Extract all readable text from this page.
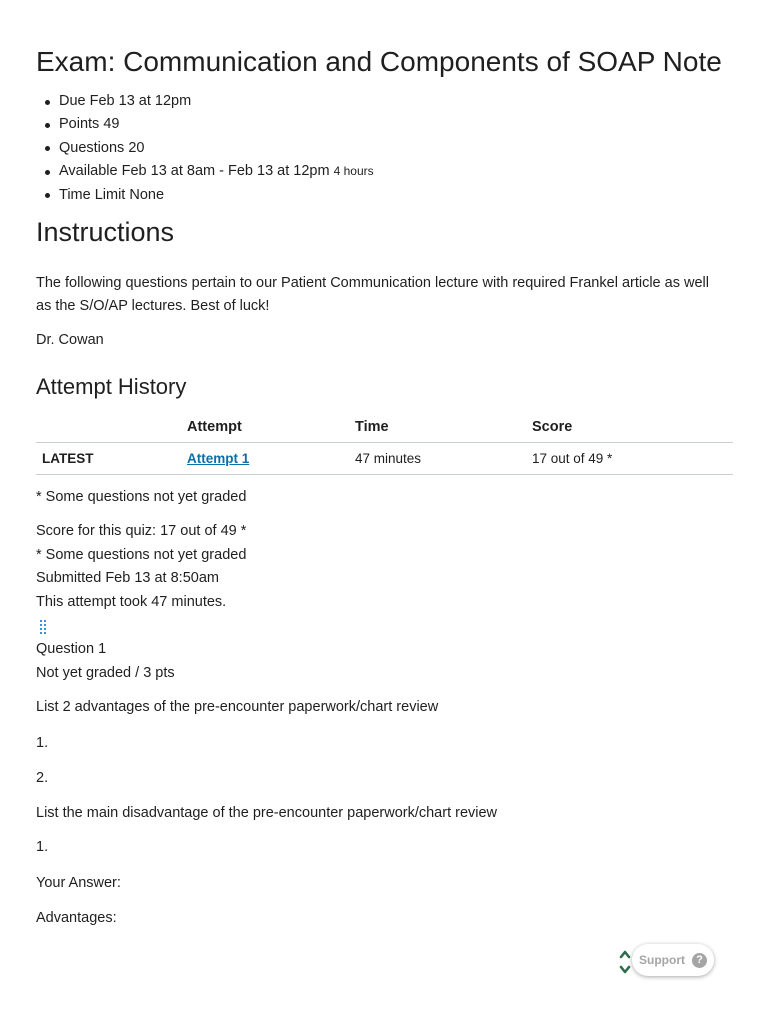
Exam: Communication and Components of SOAP Note
Due Feb 13 at 12pm
Points 49
Questions 20
Available Feb 13 at 8am - Feb 13 at 12pm 4 hours
Time Limit None
Instructions

The following questions pertain to our Patient Communication lecture with required Frankel article as well as the S/O/AP lectures. Best of luck!

Dr. Cowan

Attempt History
	Attempt	Time	Score
LATEST	Attempt 1	47 minutes	17 out of 49 *

* Some questions not yet graded

Score for this quiz: 17 out of 49 *

* Some questions not yet graded

Submitted Feb 13 at 8:50am

This attempt took 47 minutes.

Question 1

Not yet graded / 3 pts

List 2 advantages of the pre-encounter paperwork/chart review

1.

2.

List the main disadvantage of the pre-encounter paperwork/chart review

1.

Your Answer:

Advantages:

Support	?
